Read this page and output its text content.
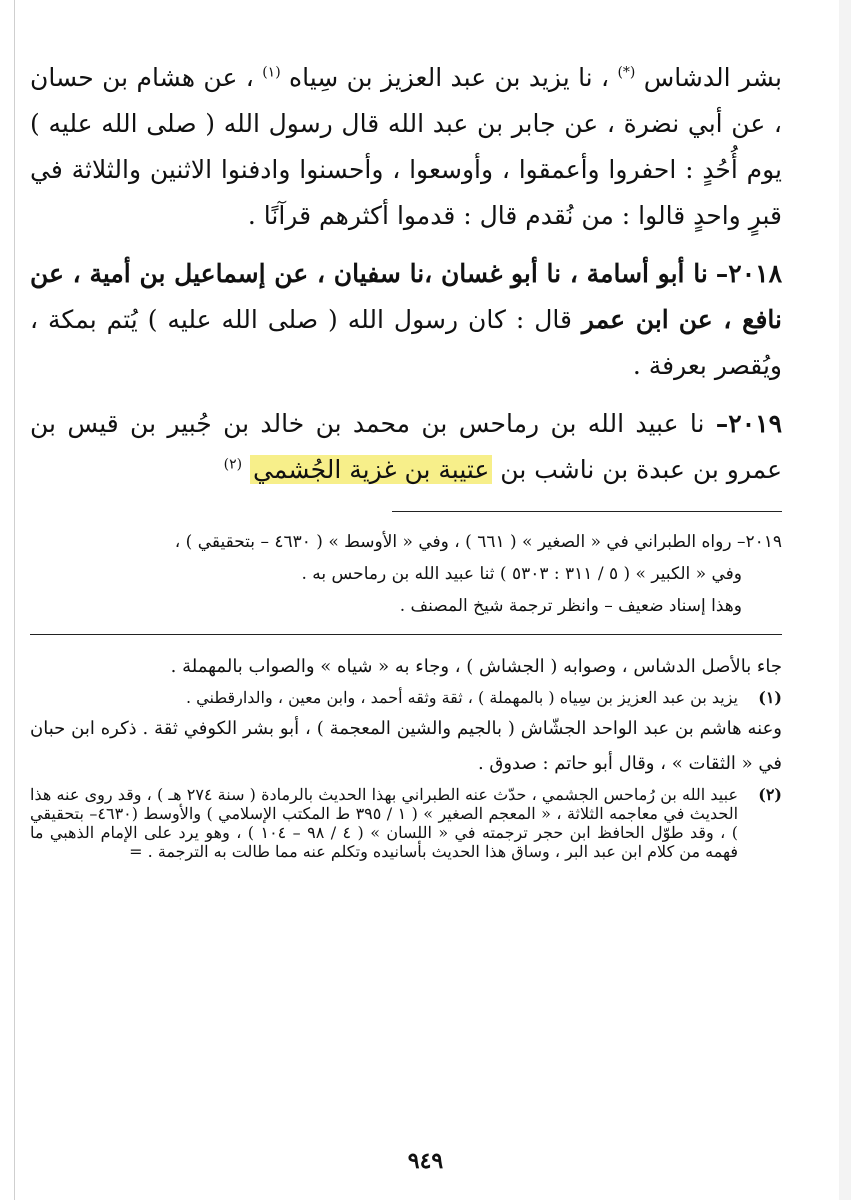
بشر الدشاس (*) ، نا يزيد بن عبد العزيز بن سِياه $^{(١)}$ ، عن هشام بن حسان ، عن أبي نضرة ، عن جابر بن عبد الله قال رسول الله ( صلى الله عليه ) يوم أُحُدٍ : احفروا وأعمقوا ، وأوسعوا ، وأحسنوا وادفنوا الاثنين والثلاثة في قبرٍ واحدٍ قالوا : من نُقدم قال : قدموا أكثرهم قرآنًا .

٢٠١٨– نا أبو أسامة ، نا أبو غسان ،نا سفيان ، عن إسماعيل بن أمية ، عن نافع ، عن ابن عمر قال : كان رسول الله ( صلى الله عليه ) يُتم بمكة ، ويُقصر بعرفة .

٢٠١٩– نا عبيد الله بن رماحس بن محمد بن خالد بن جُبير بن قيس بن عمرو بن عبدة بن ناشب بن عتيبة بن غزية الجُشمي $^{(٢)}$

٢٠١٩– رواه الطبراني في « الصغير » ( ٦٦١ ) ، وفي « الأوسط » ( ٤٦٣٠ – بتحقيقي ) ،

وفي « الكبير » ( ٥ / ٣١١ : ٥٣٠٣ ) ثنا عبيد الله بن رماحس به .

وهذا إسناد ضعيف – وانظر ترجمة شيخ المصنف .

جاء بالأصل الدشاس ، وصوابه ( الجشاش ) ، وجاء به « شياه » والصواب بالمهملة .

(١)
يزيد بن عبد العزيز بن سِياه ( بالمهملة ) ، ثقة وثقه أحمد ، وابن معين ، والدارقطني .

وعنه هاشم بن عبد الواحد الجشّاش ( بالجيم والشين المعجمة ) ، أبو بشر الكوفي ثقة . ذكره ابن حبان في « الثقات » ، وقال أبو حاتم : صدوق .

(٢)
عبيد الله بن رُماحس الجشمي ، حدّث عنه الطبراني بهذا الحديث بالرمادة ( سنة ٢٧٤ هـ ) ، وقد روى عنه هذا الحديث في معاجمه الثلاثة ، « المعجم الصغير » ( ١ / ٣٩٥ ط المكتب الإسلامي ) والأوسط (٤٦٣٠– بتحقيقي ) ، وقد طوّل الحافظ ابن حجر ترجمته في « اللسان » ( ٤ / ٩٨ – ١٠٤ ) ، وهو يرد على الإمام الذهبي ما فهمه من كلام ابن عبد البر ، وساق هذا الحديث بأسانيده وتكلم عنه مما طالت به الترجمة . =
٩٤٩
